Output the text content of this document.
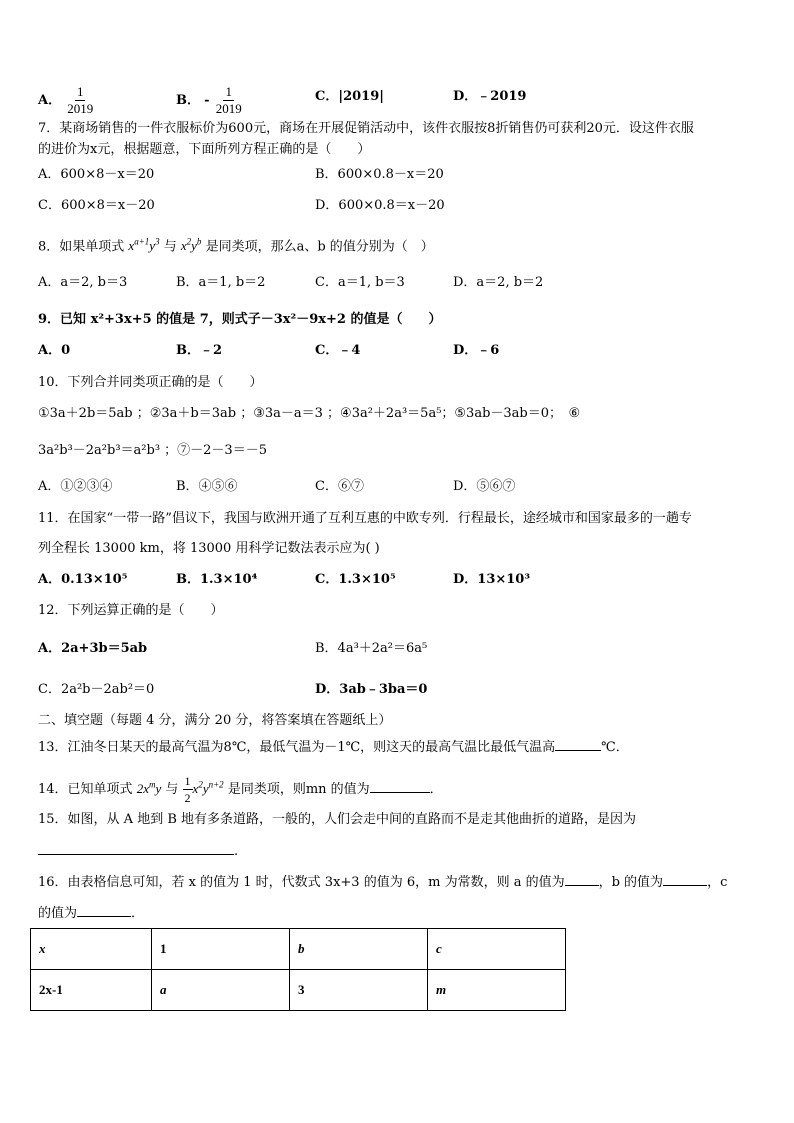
A． $\frac{1}{2019}$	B． - $\frac{1}{2019}$	C．|2019|	D．﹣2019
7．某商场销售的一件衣服标价为600元，商场在开展促销活动中，该件衣服按8折销售仍可获利20元．设这件衣服
的进价为x元，根据题意，下面所列方程正确的是（　　）
A．600×8－x＝20	B．600×0.8－x＝20
C．600×8＝x－20	D．600×0.8＝x－20
8．如果单项式 $x^{a+1}y^3$ 与 $x^2y^b$ 是同类项，那么a、b 的值分别为（　）
A．a＝2, b＝3	B．a＝1, b＝2	C．a＝1, b＝3	D．a＝2, b＝2
9．已知 x²+3x+5 的值是 7，则式子－3x²－9x+2 的值是（　　）
A．0	B．﹣2	C．﹣4	D．﹣6
10．下列合并同类项正确的是（　　）
①3a＋2b＝5ab ；②3a＋b＝3ab ；③3a－a＝3 ；④3a²＋2a³＝5a⁵；⑤3ab－3ab＝0；　⑥
3a²b³－2a²b³＝a²b³ ；⑦－2－3＝－5
A．①②③④	B．④⑤⑥	C．⑥⑦	D．⑤⑥⑦
11．在国家“一带一路”倡议下，我国与欧洲开通了互利互惠的中欧专列．行程最长，途经城市和国家最多的一趟专
列全程长 13000 km，将 13000 用科学记数法表示应为( )
A．0.13×10⁵	B．1.3×10⁴	C．1.3×10⁵	D．13×10³
12．下列运算正确的是（　　）
A．2a+3b＝5ab	B．4a³＋2a²＝6a⁵
C．2a²b－2ab²＝0	D．3ab﹣3ba＝0
二、填空题（每题 4 分，满分 20 分，将答案填在答题纸上）
13．江油冬日某天的最高气温为8℃，最低气温为－1℃，则这天的最高气温比最低气温高	℃．
14．已知单项式 $2x^my$ 与 $\frac{1}{2} x^2y^{n+2}$ 是同类项，则mn 的值为	．
15．如图，从 A 地到 B 地有多条道路，一般的，人们会走中间的直路而不是走其他曲折的道路，是因为
.
16．由表格信息可知，若 x 的值为 1 时，代数式 3x+3 的值为 6，m 为常数，则 a 的值为	，b 的值为	，c
的值为	．
x	1	b	c
2x-1	a	3	m
